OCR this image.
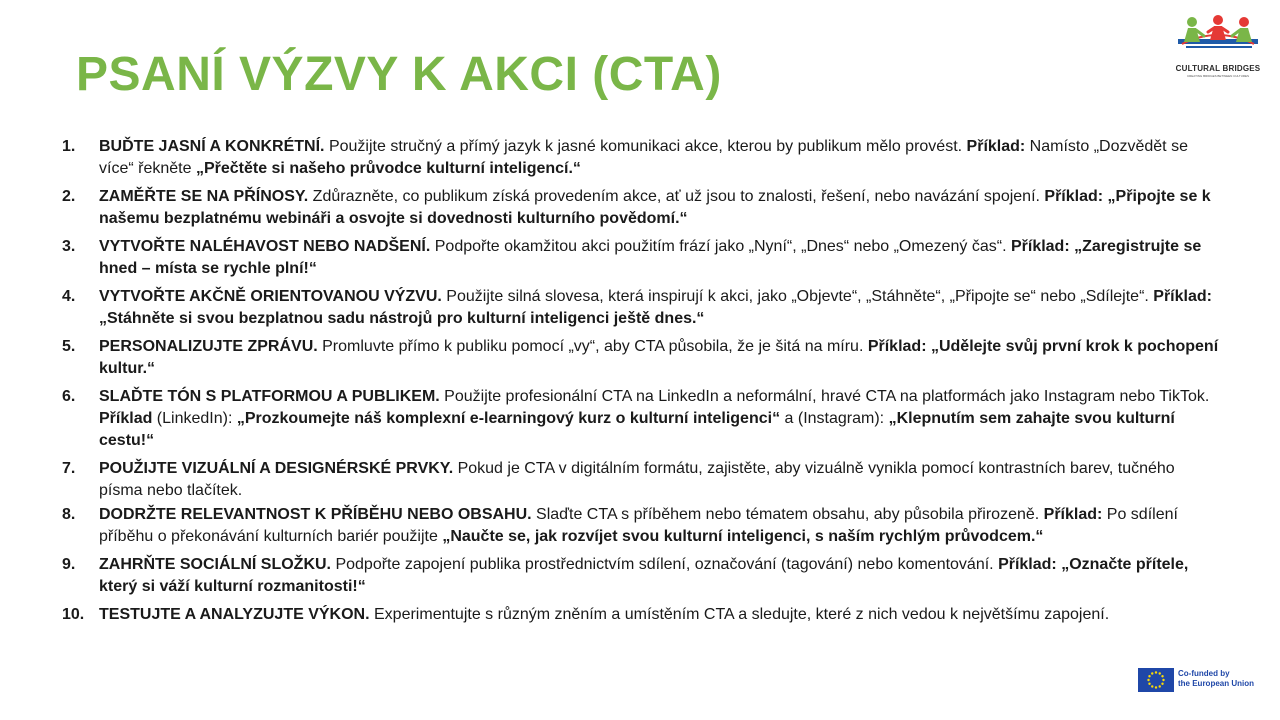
CULTURAL BRIDGES
CREATING BRIDGES BETWEEN CULTURES
PSANÍ VÝZVY K AKCI (CTA)
1.	BUĎTE JASNÍ A KONKRÉTNÍ. Použijte stručný a přímý jazyk k jasné komunikaci akce, kterou by publikum mělo provést. Příklad: Namísto „Dozvědět se více“ řekněte „Přečtěte si našeho průvodce kulturní inteligencí.“
2.	ZAMĚŘTE SE NA PŘÍNOSY. Zdůrazněte, co publikum získá provedením akce, ať už jsou to znalosti, řešení, nebo navázání spojení. Příklad: „Připojte se k našemu bezplatnému webináři a osvojte si dovednosti kulturního povědomí.“
3.	VYTVOŘTE NALÉHAVOST NEBO NADŠENÍ. Podpořte okamžitou akci použitím frází jako „Nyní“, „Dnes“ nebo „Omezený čas“. Příklad: „Zaregistrujte se hned – místa se rychle plní!“
4.	VYTVOŘTE AKČNĚ ORIENTOVANOU VÝZVU. Použijte silná slovesa, která inspirují k akci, jako „Objevte“, „Stáhněte“, „Připojte se“ nebo „Sdílejte“. Příklad: „Stáhněte si svou bezplatnou sadu nástrojů pro kulturní inteligenci ještě dnes.“
5.	PERSONALIZUJTE ZPRÁVU. Promluvte přímo k publiku pomocí „vy“, aby CTA působila, že je šitá na míru. Příklad: „Udělejte svůj první krok k pochopení kultur.“
6.	SLAĎTE TÓN S PLATFORMOU A PUBLIKEM. Použijte profesionální CTA na LinkedIn a neformální, hravé CTA na platformách jako Instagram nebo TikTok. Příklad (LinkedIn): „Prozkoumejte náš komplexní e-learningový kurz o kulturní inteligenci“ a (Instagram): „Klepnutím sem zahajte svou kulturní cestu!“
7.	POUŽIJTE VIZUÁLNÍ A DESIGNÉRSKÉ PRVKY. Pokud je CTA v digitálním formátu, zajistěte, aby vizuálně vynikla pomocí kontrastních barev, tučného písma nebo tlačítek.
8.	DODRŽTE RELEVANTNOST K PŘÍBĚHU NEBO OBSAHU. Slaďte CTA s příběhem nebo tématem obsahu, aby působila přirozeně. Příklad: Po sdílení příběhu o překonávání kulturních bariér použijte „Naučte se, jak rozvíjet svou kulturní inteligenci, s naším rychlým průvodcem.“
9.	ZAHRŇTE SOCIÁLNÍ SLOŽKU. Podpořte zapojení publika prostřednictvím sdílení, označování (tagování) nebo komentování. Příklad: „Označte přítele, který si váží kulturní rozmanitosti!“
10. TESTUJTE A ANALYZUJTE VÝKON. Experimentujte s různým zněním a umístěním CTA a sledujte, které z nich vedou k největšímu zapojení.
Co-funded by
the European Union
